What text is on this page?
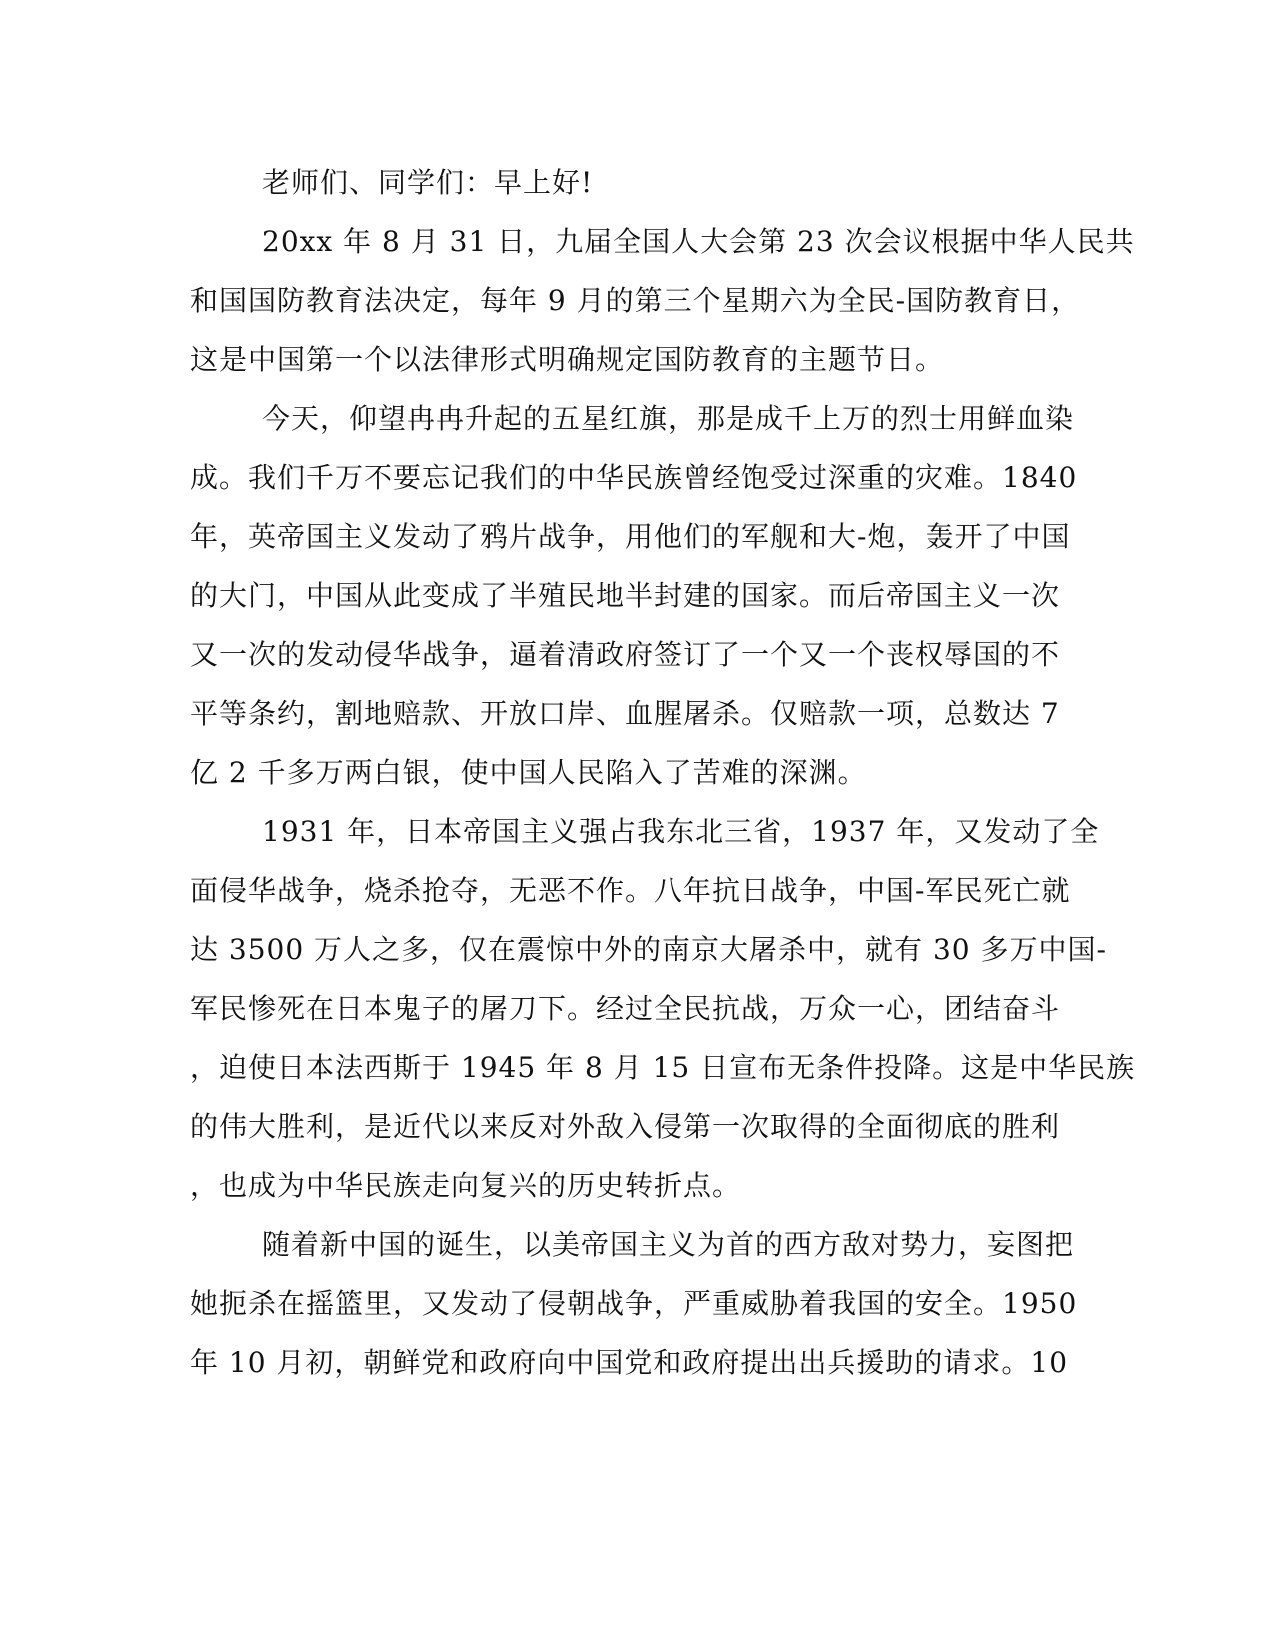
老师们、同学们：早上好!
20xx 年 8 月 31 日，九届全国人大会第 23 次会议根据中华人民共
和国国防教育法决定，每年 9 月的第三个星期六为全民-国防教育日，
这是中国第一个以法律形式明确规定国防教育的主题节日。
今天，仰望冉冉升起的五星红旗，那是成千上万的烈士用鲜血染
成。我们千万不要忘记我们的中华民族曾经饱受过深重的灾难。1840
年，英帝国主义发动了鸦片战争，用他们的军舰和大-炮，轰开了中国
的大门，中国从此变成了半殖民地半封建的国家。而后帝国主义一次
又一次的发动侵华战争，逼着清政府签订了一个又一个丧权辱国的不
平等条约，割地赔款、开放口岸、血腥屠杀。仅赔款一项，总数达 7
亿 2 千多万两白银，使中国人民陷入了苦难的深渊。
1931 年，日本帝国主义强占我东北三省，1937 年，又发动了全
面侵华战争，烧杀抢夺，无恶不作。八年抗日战争，中国-军民死亡就
达 3500 万人之多，仅在震惊中外的南京大屠杀中，就有 30 多万中国-
军民惨死在日本鬼子的屠刀下。经过全民抗战，万众一心，团结奋斗
，迫使日本法西斯于 1945 年 8 月 15 日宣布无条件投降。这是中华民族
的伟大胜利，是近代以来反对外敌入侵第一次取得的全面彻底的胜利
，也成为中华民族走向复兴的历史转折点。
随着新中国的诞生，以美帝国主义为首的西方敌对势力，妄图把
她扼杀在摇篮里，又发动了侵朝战争，严重威胁着我国的安全。1950
年 10 月初，朝鲜党和政府向中国党和政府提出出兵援助的请求。10
